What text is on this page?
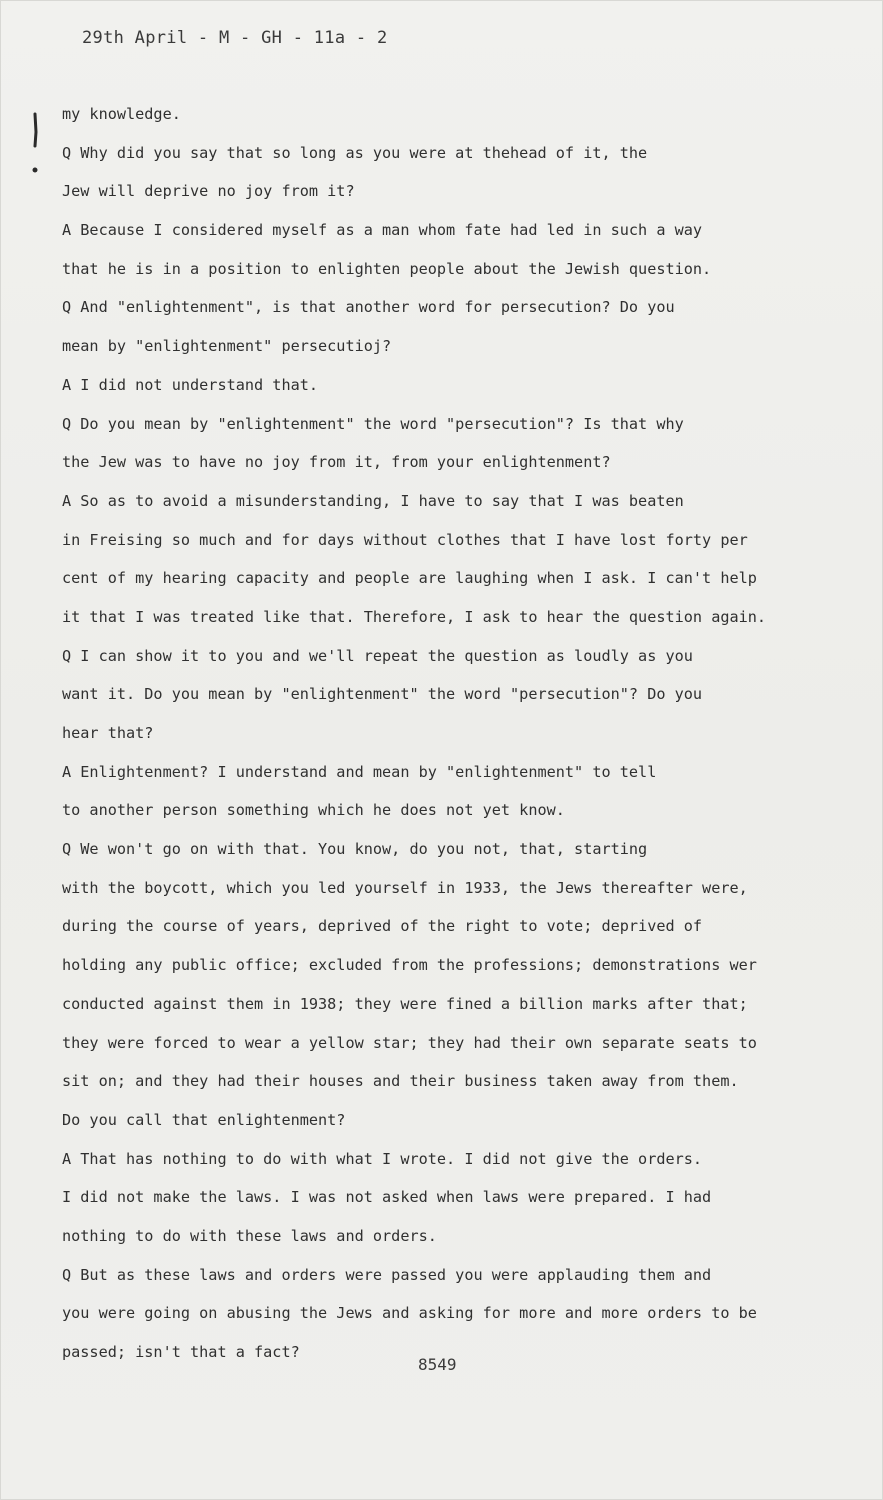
29th April - M - GH - 11a - 2
my knowledge.
Q Why did you say that so long as you were at thehead of it, the
Jew will deprive no joy from it?
A Because I considered myself as a man whom fate had led in such a way
that he is in a position to enlighten people about the Jewish question.
Q And "enlightenment", is that another word for persecution? Do you
mean by "enlightenment" persecutioj?
A I did not understand that.
Q Do you mean by "enlightenment" the word "persecution"? Is that why
the Jew was to have no joy from it, from your enlightenment?
A So as to avoid a misunderstanding, I have to say that I was beaten
in Freising so much and for days without clothes that I have lost forty per
cent of my hearing capacity and people are laughing when I ask. I can't help
it that I was treated like that. Therefore, I ask to hear the question again.
Q I can show it to you and we'll repeat the question as loudly as you
want it. Do you mean by "enlightenment" the word "persecution"? Do you
hear that?
A Enlightenment? I understand and mean by "enlightenment" to tell
to another person something which he does not yet know.
Q We won't go on with that. You know, do you not, that, starting
with the boycott, which you led yourself in 1933, the Jews thereafter were,
during the course of years, deprived of the right to vote; deprived of
holding any public office; excluded from the professions; demonstrations wer
conducted against them in 1938; they were fined a billion marks after that;
they were forced to wear a yellow star; they had their own separate seats to
sit on; and they had their houses and their business taken away from them.
Do you call that enlightenment?
A That has nothing to do with what I wrote. I did not give the orders.
I did not make the laws. I was not asked when laws were prepared. I had
nothing to do with these laws and orders.
Q But as these laws and orders were passed you were applauding them and
you were going on abusing the Jews and asking for more and more orders to be
passed; isn't that a fact?
8549
